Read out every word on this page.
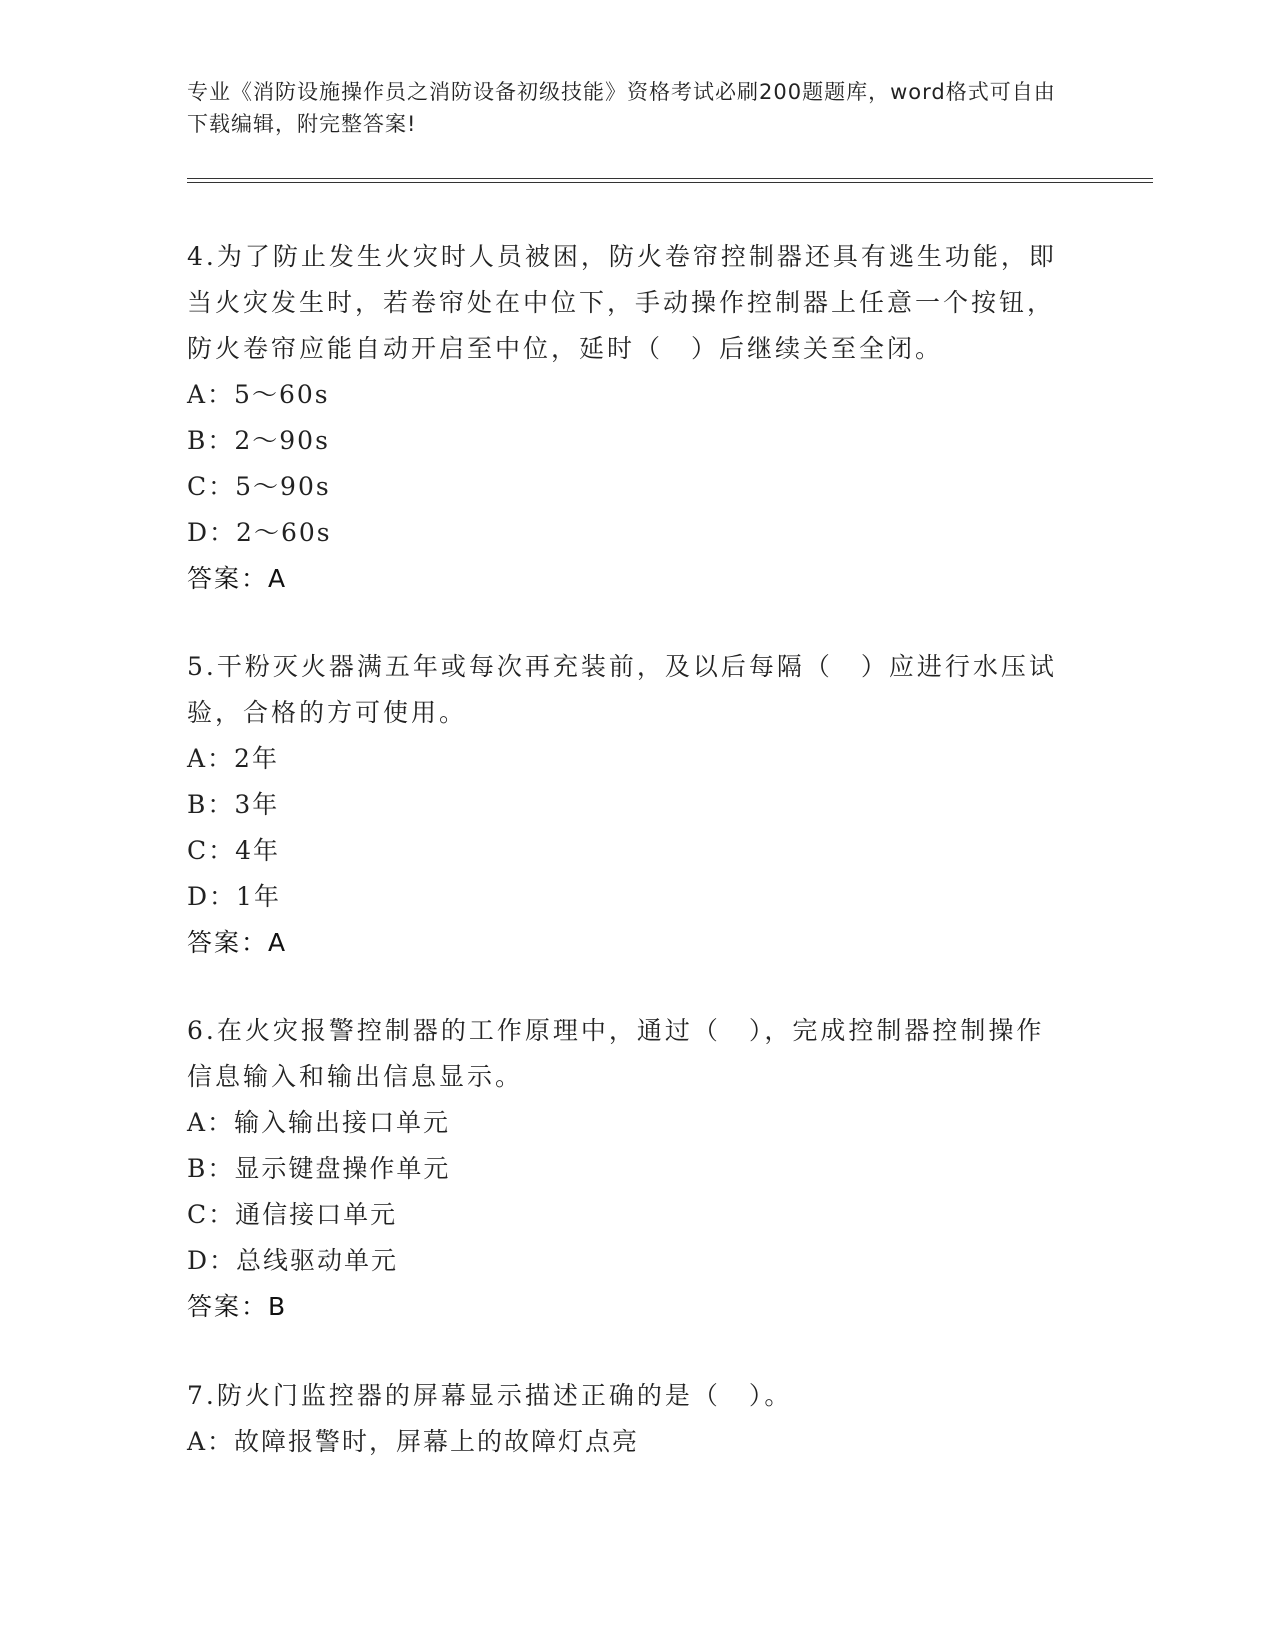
专业《消防设施操作员之消防设备初级技能》资格考试必刷200题题库，word格式可自由下载编辑，附完整答案!

4.为了防止发生火灾时人员被困，防火卷帘控制器还具有逃生功能，即当火灾发生时，若卷帘处在中位下，手动操作控制器上任意一个按钮，防火卷帘应能自动开启至中位，延时（　）后继续关至全闭。

A：5～60s

B：2～90s

C：5～90s

D：2～60s

答案：A

5.干粉灭火器满五年或每次再充装前，及以后每隔（　）应进行水压试验，合格的方可使用。

A：2年

B：3年

C：4年

D：1年

答案：A

6.在火灾报警控制器的工作原理中，通过（　），完成控制器控制操作信息输入和输出信息显示。

A：输入输出接口单元

B：显示键盘操作单元

C：通信接口单元

D：总线驱动单元

答案：B

7.防火门监控器的屏幕显示描述正确的是（　）。

A：故障报警时，屏幕上的故障灯点亮
